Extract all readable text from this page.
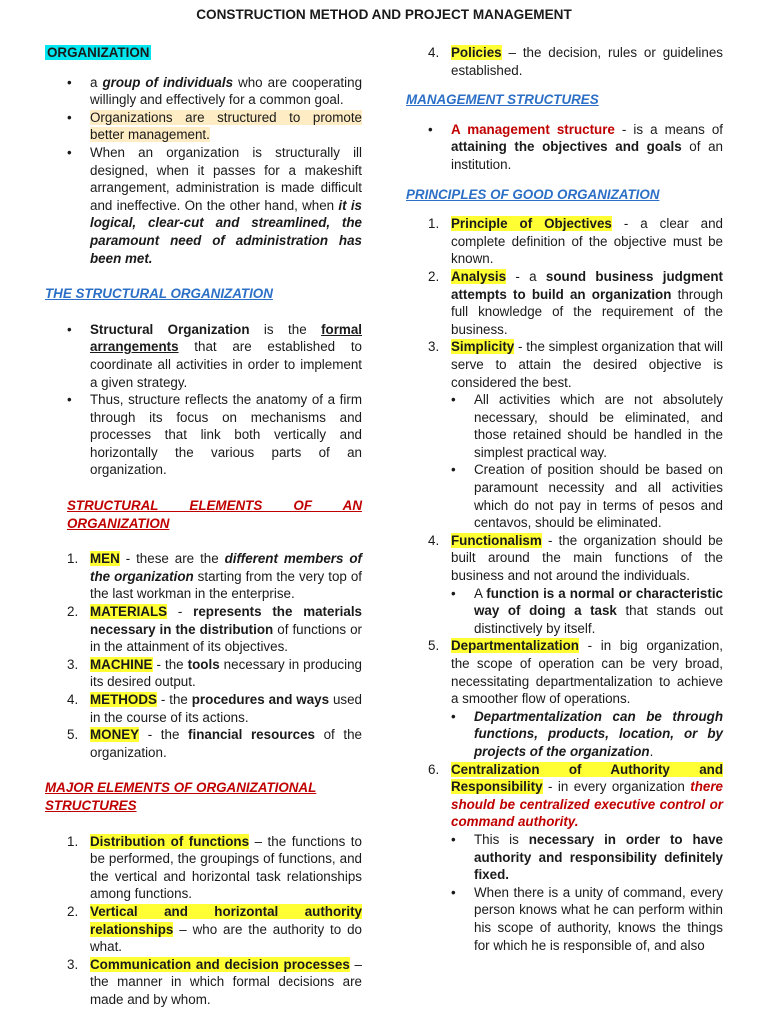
CONSTRUCTION METHOD AND PROJECT MANAGEMENT
ORGANIZATION
• a group of individuals who are cooperating willingly and effectively for a common goal.
• Organizations are structured to promote better management.
• When an organization is structurally ill designed, when it passes for a makeshift arrangement, administration is made difficult and ineffective. On the other hand, when it is logical, clear-cut and streamlined, the paramount need of administration has been met.
THE STRUCTURAL ORGANIZATION
• Structural Organization is the formal arrangements that are established to coordinate all activities in order to implement a given strategy.
• Thus, structure reflects the anatomy of a firm through its focus on mechanisms and processes that link both vertically and horizontally the various parts of an organization.
STRUCTURAL ELEMENTS OF AN ORGANIZATION
1. MEN - these are the different members of the organization starting from the very top of the last workman in the enterprise.
2. MATERIALS - represents the materials necessary in the distribution of functions or in the attainment of its objectives.
3. MACHINE - the tools necessary in producing its desired output.
4. METHODS - the procedures and ways used in the course of its actions.
5. MONEY - the financial resources of the organization.
MAJOR ELEMENTS OF ORGANIZATIONAL STRUCTURES
1. Distribution of functions – the functions to be performed, the groupings of functions, and the vertical and horizontal task relationships among functions.
2. Vertical and horizontal authority relationships – who are the authority to do what.
3. Communication and decision processes – the manner in which formal decisions are made and by whom.
4. Policies – the decision, rules or guidelines established.
MANAGEMENT STRUCTURES
• A management structure - is a means of attaining the objectives and goals of an institution.
PRINCIPLES OF GOOD ORGANIZATION
1. Principle of Objectives - a clear and complete definition of the objective must be known.
2. Analysis - a sound business judgment attempts to build an organization through full knowledge of the requirement of the business.
3. Simplicity - the simplest organization that will serve to attain the desired objective is considered the best.
• All activities which are not absolutely necessary, should be eliminated, and those retained should be handled in the simplest practical way.
• Creation of position should be based on paramount necessity and all activities which do not pay in terms of pesos and centavos, should be eliminated.
4. Functionalism - the organization should be built around the main functions of the business and not around the individuals.
• A function is a normal or characteristic way of doing a task that stands out distinctively by itself.
5. Departmentalization - in big organization, the scope of operation can be very broad, necessitating departmentalization to achieve a smoother flow of operations.
• Departmentalization can be through functions, products, location, or by projects of the organization.
6. Centralization of Authority and Responsibility - in every organization there should be centralized executive control or command authority.
• This is necessary in order to have authority and responsibility definitely fixed.
• When there is a unity of command, every person knows what he can perform within his scope of authority, knows the things for which he is responsible of, and also
